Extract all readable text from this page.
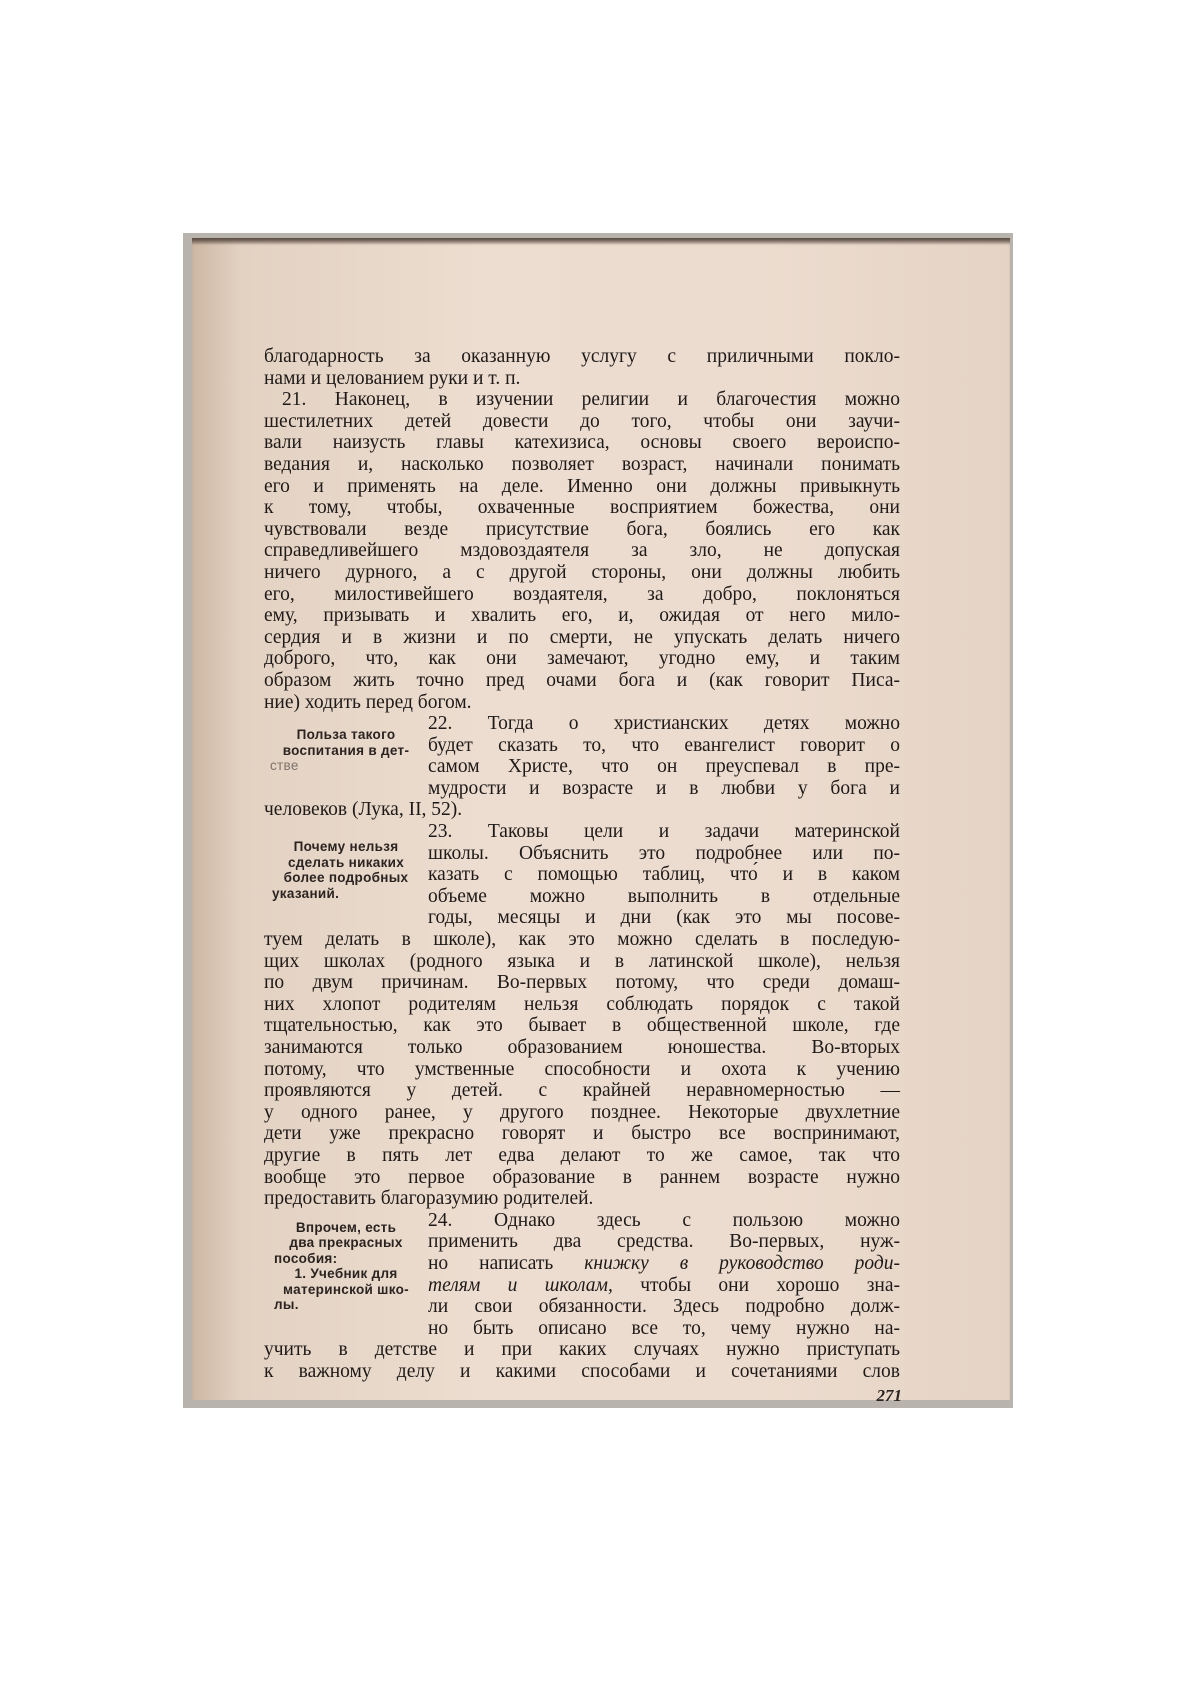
благодарность за оказанную услугу с приличными покло-
нами и целованием руки и т. п.
21. Наконец, в изучении религии и благочестия можно
шестилетних детей довести до того, чтобы они заучи-
вали наизусть главы катехизиса, основы своего вероиспо-
ведания и, насколько позволяет возраст, начинали понимать
его и применять на деле. Именно они должны привыкнуть
к тому, чтобы, охваченные восприятием божества, они
чувствовали везде присутствие бога, боялись его как
справедливейшего мздовоздаятеля за зло, не допуская
ничего дурного, а с другой стороны, они должны любить
его, милостивейшего воздаятеля, за добро, поклоняться
ему, призывать и хвалить его, и, ожидая от него мило-
сердия и в жизни и по смерти, не упускать делать ничего
доброго, что, как они замечают, угодно ему, и таким
образом жить точно пред очами бога и (как говорит Писа-
ние) ходить перед богом.
Польза такого
воспитания в дет-
стве
22. Тогда о христианских детях можно
будет сказать то, что евангелист говорит о
самом Христе, что он преуспевал в пре-
мудрости и возрасте и в любви у бога и
человеков (Лука, II, 52).
Почему нельзя
сделать никаких
более подробных
указаний.
23. Таковы цели и задачи материнской
школы. Объяснить это подробнее или по-
казать с помощью таблиц, что́ и в каком
объеме можно выполнить в отдельные
годы, месяцы и дни (как это мы посове-
туем делать в школе), как это можно сделать в последую-
щих школах (родного языка и в латинской школе), нельзя
по двум причинам. Во-первых потому, что среди домаш-
них хлопот родителям нельзя соблюдать порядок с такой
тщательностью, как это бывает в общественной школе, где
занимаются только образованием юношества. Во-вторых
потому, что умственные способности и охота к учению
проявляются у детей. с крайней неравномерностью —
у одного ранее, у другого позднее. Некоторые двухлетние
дети уже прекрасно говорят и быстро все воспринимают,
другие в пять лет едва делают то же самое, так что
вообще это первое образование в раннем возрасте нужно
предоставить благоразумию родителей.
Впрочем, есть
два прекрасных
пособия:
1. Учебник для
материнской шко-
лы.
24. Однако здесь с пользою можно
применить два средства. Во-первых, нуж-
но написать книжку в руководство роди-
телям и школам, чтобы они хорошо зна-
ли свои обязанности. Здесь подробно долж-
но быть описано все то, чему нужно на-
учить в детстве и при каких случаях нужно приступать
к важному делу и какими способами и сочетаниями слов
271
